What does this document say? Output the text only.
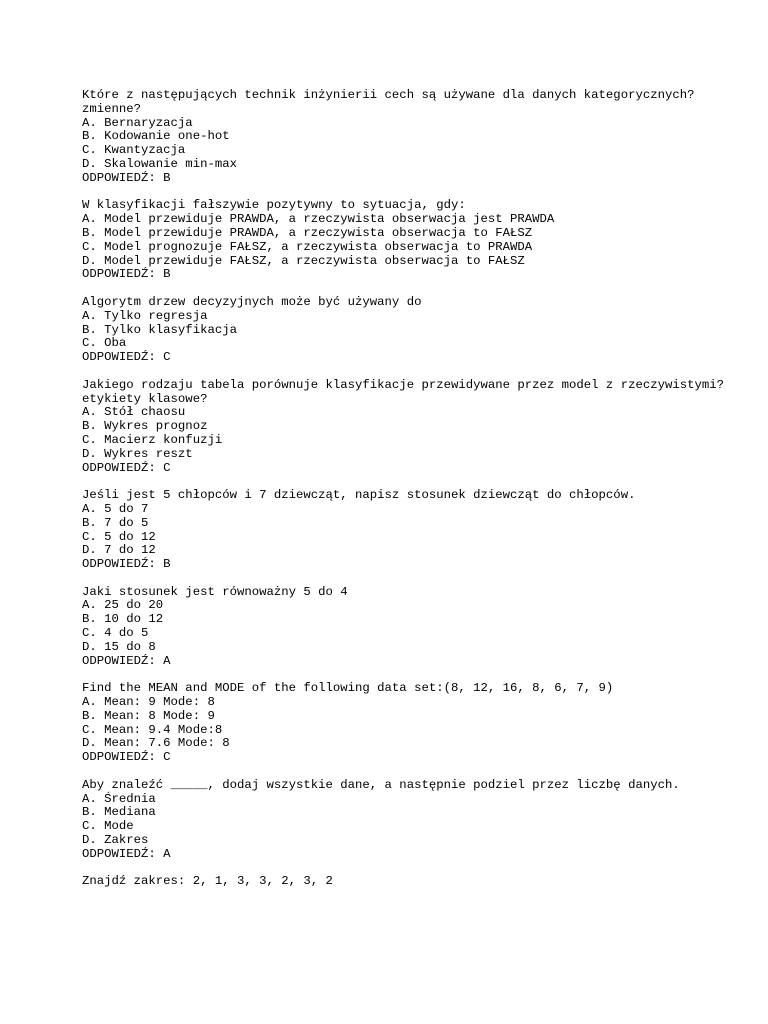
Które z następujących technik inżynierii cech są używane dla danych kategorycznych?
zmienne?
A. Bernaryzacja
B. Kodowanie one-hot
C. Kwantyzacja
D. Skalowanie min-max
ODPOWIEDŹ: B
W klasyfikacji fałszywie pozytywny to sytuacja, gdy:
A. Model przewiduje PRAWDA, a rzeczywista obserwacja jest PRAWDA
B. Model przewiduje PRAWDA, a rzeczywista obserwacja to FAŁSZ
C. Model prognozuje FAŁSZ, a rzeczywista obserwacja to PRAWDA
D. Model przewiduje FAŁSZ, a rzeczywista obserwacja to FAŁSZ
ODPOWIEDŹ: B
Algorytm drzew decyzyjnych może być używany do
A. Tylko regresja
B. Tylko klasyfikacja
C. Oba
ODPOWIEDŹ: C
Jakiego rodzaju tabela porównuje klasyfikacje przewidywane przez model z rzeczywistymi?
etykiety klasowe?
A. Stół chaosu
B. Wykres prognoz
C. Macierz konfuzji
D. Wykres reszt
ODPOWIEDŹ: C
Jeśli jest 5 chłopców i 7 dziewcząt, napisz stosunek dziewcząt do chłopców.
A. 5 do 7
B. 7 do 5
C. 5 do 12
D. 7 do 12
ODPOWIEDŹ: B
Jaki stosunek jest równoważny 5 do 4
A. 25 do 20
B. 10 do 12
C. 4 do 5
D. 15 do 8
ODPOWIEDŹ: A
Find the MEAN and MODE of the following data set:(8, 12, 16, 8, 6, 7, 9)
A. Mean: 9 Mode: 8
B. Mean: 8 Mode: 9
C. Mean: 9.4 Mode:8
D. Mean: 7.6 Mode: 8
ODPOWIEDŹ: C
Aby znaleźć _____, dodaj wszystkie dane, a następnie podziel przez liczbę danych.
A. Średnia
B. Mediana
C. Mode
D. Zakres
ODPOWIEDŹ: A
Znajdź zakres: 2, 1, 3, 3, 2, 3, 2
